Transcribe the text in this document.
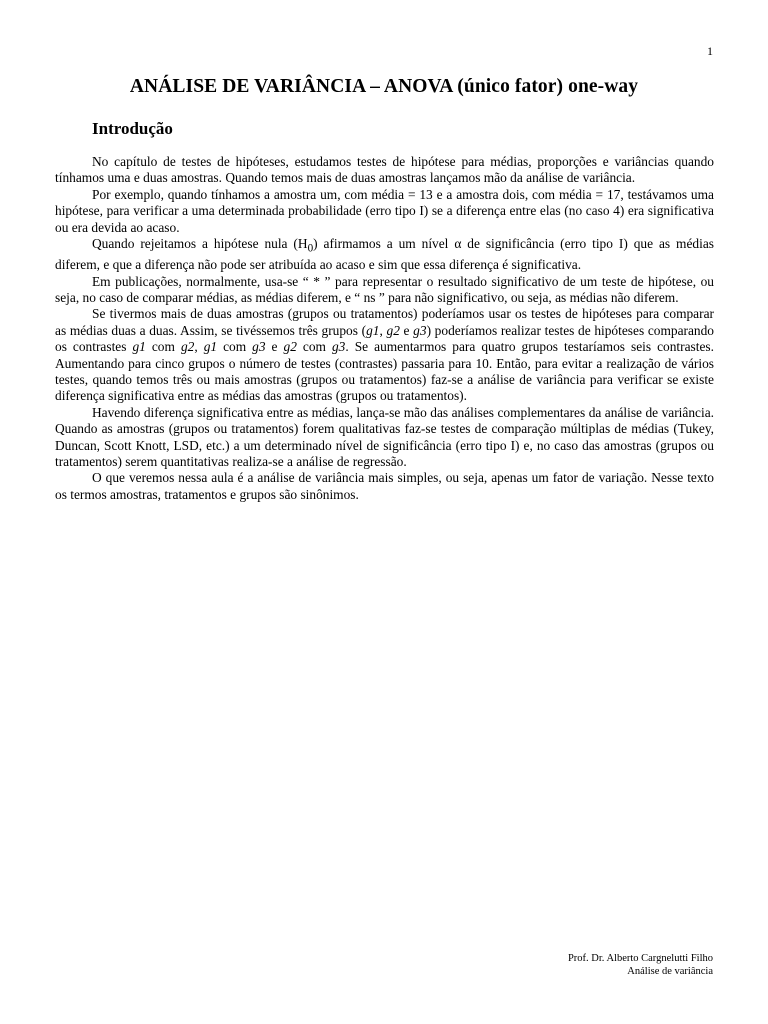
1
ANÁLISE DE VARIÂNCIA – ANOVA (único fator) one-way
Introdução

No capítulo de testes de hipóteses, estudamos testes de hipótese para médias, proporções e variâncias quando tínhamos uma e duas amostras. Quando temos mais de duas amostras lançamos mão da análise de variância.

Por exemplo, quando tínhamos a amostra um, com média = 13 e a amostra dois, com média = 17, testávamos uma hipótese, para verificar a uma determinada probabilidade (erro tipo I) se a diferença entre elas (no caso 4) era significativa ou era devida ao acaso.

Quando rejeitamos a hipótese nula $(H_0)$ afirmamos a um nível α de significância (erro tipo I) que as médias diferem, e que a diferença não pode ser atribuída ao acaso e sim que essa diferença é significativa.

Em publicações, normalmente, usa-se “ * ” para representar o resultado significativo de um teste de hipótese, ou seja, no caso de comparar médias, as médias diferem, e “ ns ” para não significativo, ou seja, as médias não diferem.

Se tivermos mais de duas amostras (grupos ou tratamentos) poderíamos usar os testes de hipóteses para comparar as médias duas a duas. Assim, se tivéssemos três grupos (g1, g2 e g3) poderíamos realizar testes de hipóteses comparando os contrastes g1 com g2, g1 com g3 e g2 com g3. Se aumentarmos para quatro grupos testaríamos seis contrastes. Aumentando para cinco grupos o número de testes (contrastes) passaria para 10. Então, para evitar a realização de vários testes, quando temos três ou mais amostras (grupos ou tratamentos) faz-se a análise de variância para verificar se existe diferença significativa entre as médias das amostras (grupos ou tratamentos).

Havendo diferença significativa entre as médias, lança-se mão das análises complementares da análise de variância. Quando as amostras (grupos ou tratamentos) forem qualitativas faz-se testes de comparação múltiplas de médias (Tukey, Duncan, Scott Knott, LSD, etc.) a um determinado nível de significância (erro tipo I) e, no caso das amostras (grupos ou tratamentos) serem quantitativas realiza-se a análise de regressão.

O que veremos nessa aula é a análise de variância mais simples, ou seja, apenas um fator de variação. Nesse texto os termos amostras, tratamentos e grupos são sinônimos.

Prof. Dr. Alberto Cargnelutti Filho
Análise de variância
